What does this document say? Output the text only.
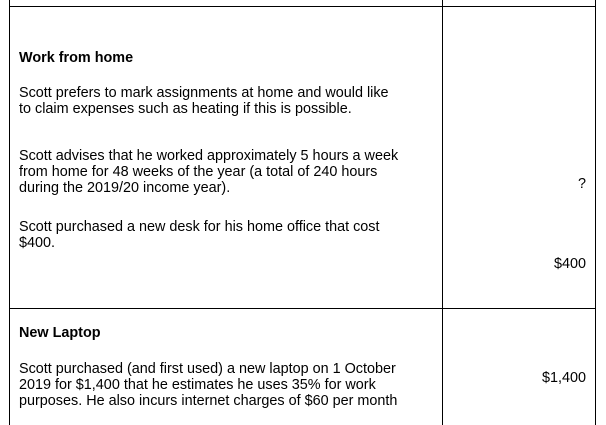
Work from home
Scott prefers to mark assignments at home and would like
to claim expenses such as heating if this is possible.
Scott advises that he worked approximately 5 hours a week
from home for 48 weeks of the year (a total of 240 hours
during the 2019/20 income year).
Scott purchased a new desk for his home office that cost
$400.
?
$400
New Laptop
Scott purchased (and first used) a new laptop on 1 October
2019 for $1,400 that he estimates he uses 35% for work
purposes. He also incurs internet charges of $60 per month
$1,400
